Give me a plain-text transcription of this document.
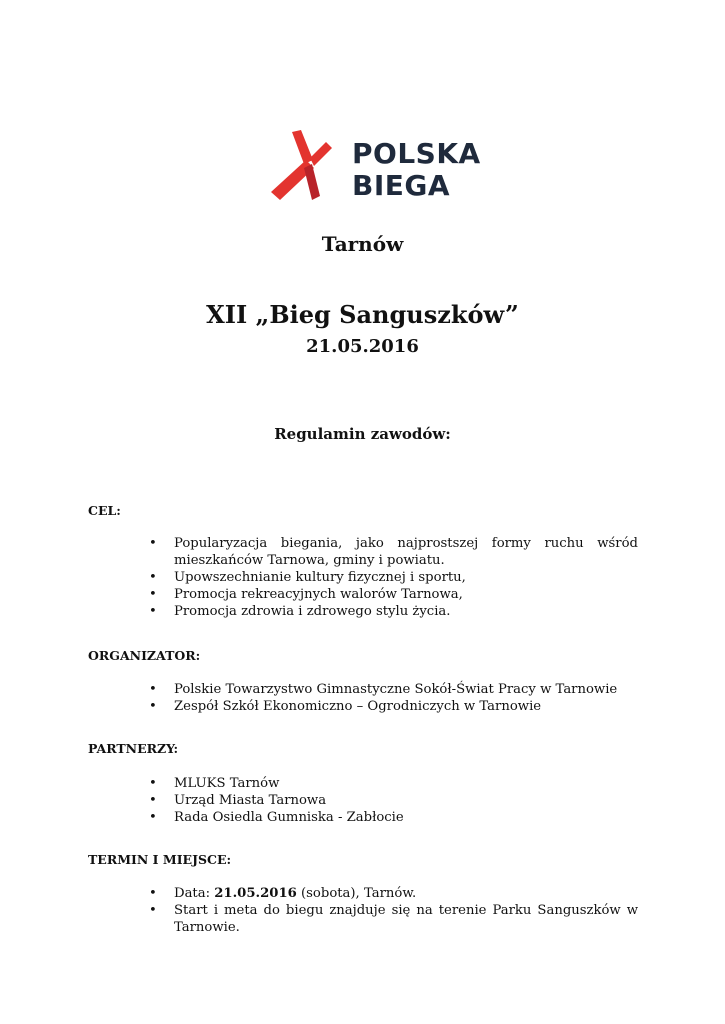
POLSKA
BIEGA
Tarnów
XII „Bieg Sanguszków”
21.05.2016
Regulamin zawodów:
CEL:
• Popularyzacja biegania, jako najprostszej formy ruchu wśród mieszkańców Tarnowa, gminy i powiatu.
• Upowszechnianie kultury fizycznej i sportu,
• Promocja rekreacyjnych walorów Tarnowa,
• Promocja zdrowia i zdrowego stylu życia.
ORGANIZATOR:
• Polskie Towarzystwo Gimnastyczne Sokół-Świat Pracy w Tarnowie
• Zespół Szkół Ekonomiczno – Ogrodniczych w Tarnowie
PARTNERZY:
• MLUKS Tarnów
• Urząd Miasta Tarnowa
• Rada Osiedla Gumniska - Zabłocie
TERMIN I MIEJSCE:
• Data: 21.05.2016 (sobota), Tarnów.
• Start i meta do biegu znajduje się na terenie Parku Sanguszków w Tarnowie.
